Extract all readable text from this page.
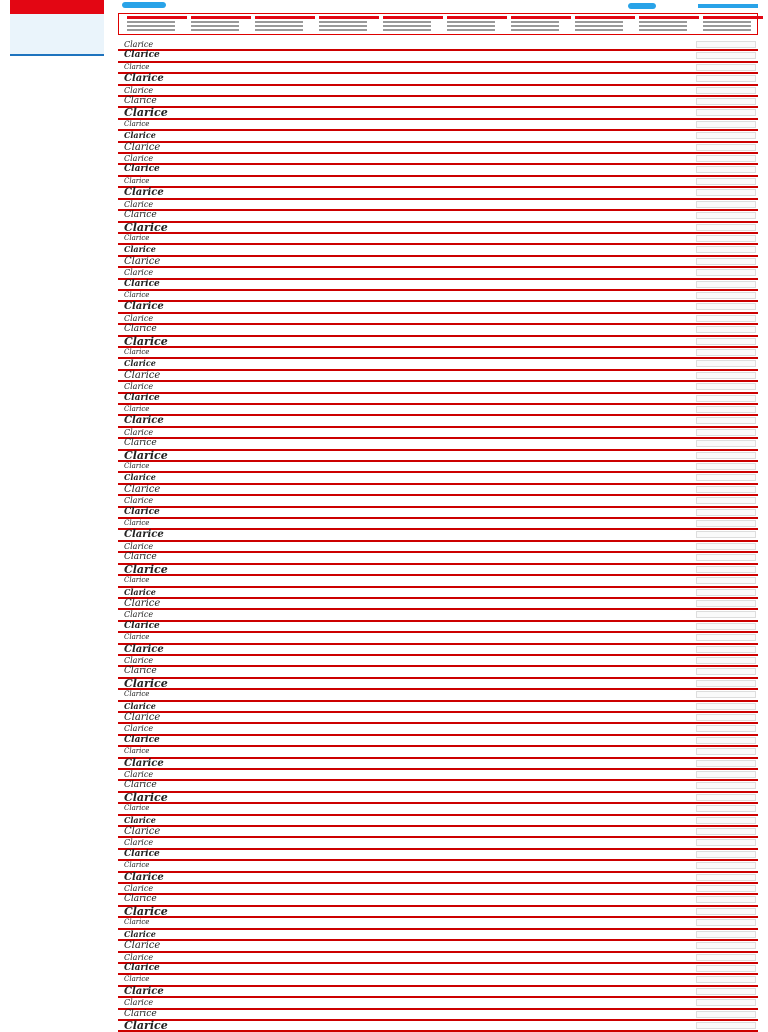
Clarice
Clarice
Clarice
Clarice
Clarice
Clarice
Clarice
Clarice
Clarice
Clarice
Clarice
Clarice
Clarice
Clarice
Clarice
Clarice
Clarice
Clarice
Clarice
Clarice
Clarice
Clarice
Clarice
Clarice
Clarice
Clarice
Clarice
Clarice
Clarice
Clarice
Clarice
Clarice
Clarice
Clarice
Clarice
Clarice
Clarice
Clarice
Clarice
Clarice
Clarice
Clarice
Clarice
Clarice
Clarice
Clarice
Clarice
Clarice
Clarice
Clarice
Clarice
Clarice
Clarice
Clarice
Clarice
Clarice
Clarice
Clarice
Clarice
Clarice
Clarice
Clarice
Clarice
Clarice
Clarice
Clarice
Clarice
Clarice
Clarice
Clarice
Clarice
Clarice
Clarice
Clarice
Clarice
Clarice
Clarice
Clarice
Clarice
Clarice
Clarice
Clarice
Clarice
Clarice
Clarice
Clarice
Clarice
